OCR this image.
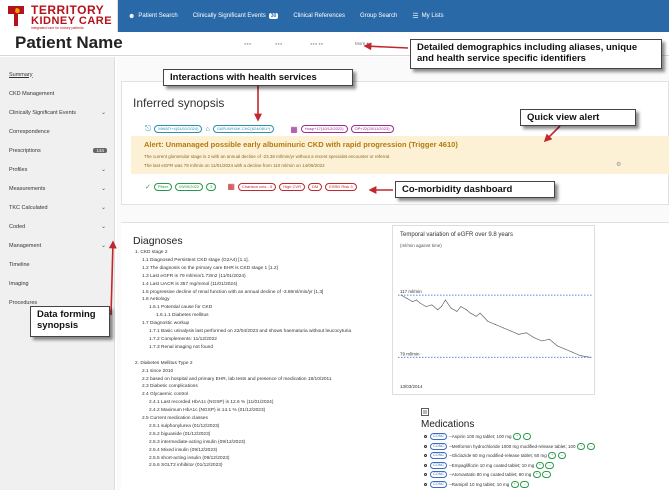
TERRITORY
KIDNEY CARE
integrated care for kidney patients
☻ Patient Search	Clinically Significant Events	30	Clinical References	Group Search ☰ My Lists
Patient Name	●●●	●●●	●●● ●●	More ▾
Summary
CKD Management
Clinically Significant Events	⌄
Correspondence
Prescriptions	134
Profiles	⌄
Measurements	⌄
TKC Calculated	⌄
Coded	⌄
Management	⌄
Timeline
Imaging
Procedures
Inferred synopsis
⎋	MWATI+4(01/01/2024)	⌂	GAPUWIYAK CHC(624/08/1*)	▦	Hosp+17(10/12/2022)	OP+22(20/11/2023)
Alert: Unmanaged possible early albuminuric CKD with rapid progression (Trigger 4610)
The current glomerular stage is 2 with an annual decline of -23.38 ml/min/yr without a recent specialist encounter or referral.
The last eGFR was 79 ml/min on 11/01/2024 with a decline from 110 ml/min on 14/09/2022	⚙
✓	Pfizer	09/09/2022	3	▦	Charlson cms - 5	High CVR	DM	ESRD Risk 3
Diagnoses
1. CKD stage 2
1.1 Diagnosed Persistent CKD stage (G2A4) [1.1].
1.2 The diagnosis on the primary care EHR is CKD stage 1 [1.2]
1.3 Last eGFR is 79 ml/min/1.73m2 (11/01/2024)
1.4 Last UACR is 357 mg/mmol (11/01/2024)
1.5 progressive decline of renal function with an annual decline of -3.86ml/min/yr [1.3]
1.6 Aetiology
1.6.1 Potential cause for CKD
1.6.1.1 Diabetes mellitus
1.7 Diagnostic workup
1.7.1 Basic urinalysis last performed on 22/04/2023 and shows haematuria without leucocyturia
1.7.2 Complements: 11/12/2022
1.7.3 Renal imaging not found
2. Diabetes Mellitus Type 2
2.1 since 2010
2.2 based on hospital and primary EHR, lab tests and presence of medication 18/10/2011
2.3 Diabetic complications
2.4 Glycaemic control
2.4.1 Last recorded HbA1c (NGSP) is 12.6 % (11/01/2024)
2.4.2 Maximum HbA1c (NGSP) is 14.1 % (01/12/2023)
2.5 Current medication classes
2.5.1 sulphonylurea (01/12/2023)
2.5.2 biguanide (01/12/2023)
2.5.3 intermediate-acting insulin (09/12/2023)
2.5.4 Mixed insulin (09/12/2023)
2.5.5 short-acting insulin (09/12/2023)
2.5.6 SGLT2 inhibitor (01/12/2023)
Temporal variation of eGFR over 9.8 years
(ml/min against time)
117 ml/min
79 ml/min
13/03/2014
Medications
CONC	–Aspirin 100 mg tablet; 100 mg	+	–
CONC	–Metformin hydrochloride 1000 mg modified-release tablet; 100	+	–
CONC	–Gliclazide 60 mg modified-release tablet; 60 mg	+	–
CONC	–Empagliflozin 10 mg coated tablet; 10 mg	+	–
CONC	–Atorvastatin 80 mg coated tablet; 80 mg	+	–
CONC	–Ramipril 10 mg tablet; 10 mg	+	–
Detailed demographics including aliases, unique and health service specific identifiers
Interactions with health services
Quick view alert
Co-morbidity dashboard
Data forming synopsis
